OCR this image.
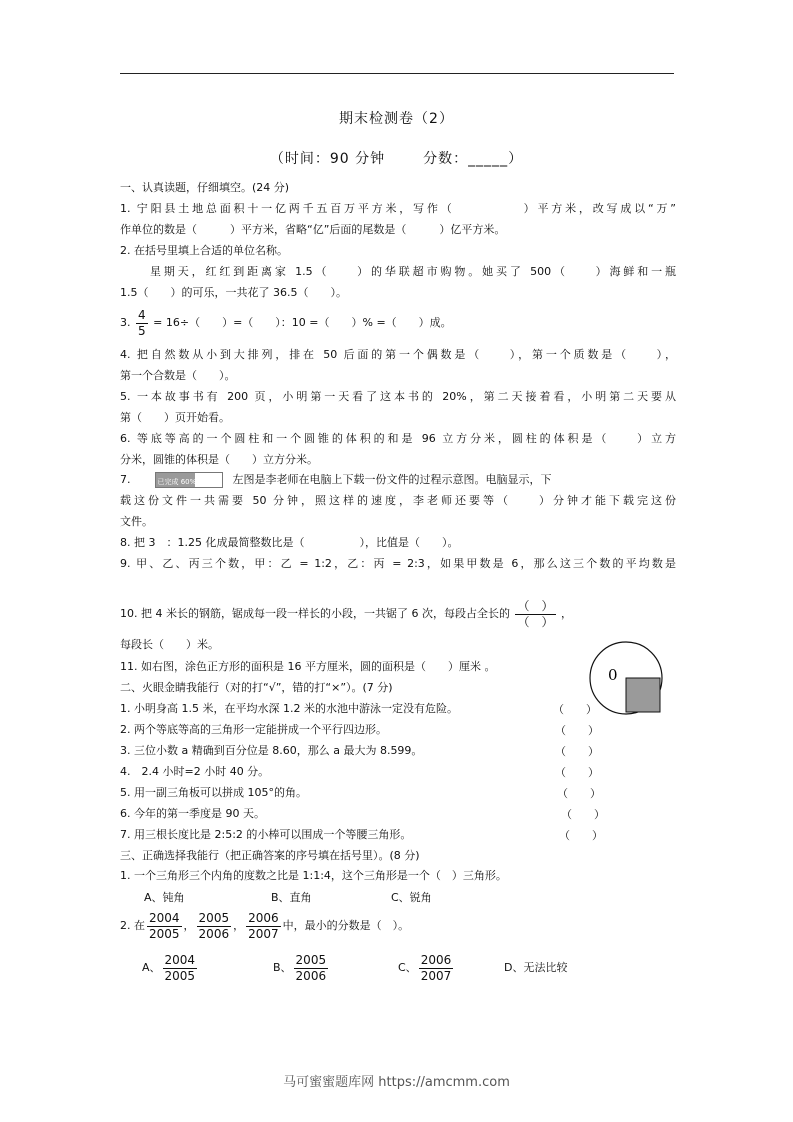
期末检测卷（2）
（时间：90 分钟	分数：_____）
一、认真读题，仔细填空。(24 分)
1. 宁阳县土地总面积十一亿两千五百万平方米，写作（　　　　　）平方米，改写成以“万”
作单位的数是（　　　）平方米，省略“亿”后面的尾数是（　　　）亿平方米。
2. 在括号里填上合适的单位名称。
星期天，红红到距离家 1.5（　　）的华联超市购物。她买了 500（　　）海鲜和一瓶
1.5（　　）的可乐，一共花了 36.5（　　）。
3. $\frac{4}{5} = 16\div$（　　）=（　　）：10 =（　　）% =（　　）成。
4. 把自然数从小到大排列，排在 50 后面的第一个偶数是（　　），第一个质数是（　　），
第一个合数是（　　）。
5. 一本故事书有 200 页，小明第一天看了这本书的 20%，第二天接着看，小明第二天要从
第（　　）页开始看。
6. 等底等高的一个圆柱和一个圆锥的体积的和是 96 立方分米，圆柱的体积是（　　）立方
分米，圆锥的体积是（　　）立方分米。
7.	已完成 60%	左图是李老师在电脑上下载一份文件的过程示意图。电脑显示，下
载这份文件一共需要 50 分钟，照这样的速度，李老师还要等（　　）分钟才能下载完这份
文件。
8. 把 3　：1.25 化成最简整数比是（　　　　　），比值是（　　）。
9. 甲、乙、丙三个数，甲：乙 = 1:2，乙：丙 = 2:3，如果甲数是 6，那么这三个数的平均数是
10. 把 4 米长的钢筋，锯成每一段一样长的小段，一共锯了 6 次，每段占全长的 $\frac{( )}{( )}$ ，
每段长（　　）米。
11. 如右图，涂色正方形的面积是 16 平方厘米，圆的面积是（　　）厘米 。	0
二、火眼金睛我能行（对的打“√”，错的打“×”）。(7 分)
1. 小明身高 1.5 米，在平均水深 1.2 米的水池中游泳一定没有危险。	（　　）
2. 两个等底等高的三角形一定能拼成一个平行四边形。	（　　）
3. 三位小数 a 精确到百分位是 8.60，那么 a 最大为 8.599。	（　　）
4.　2.4 小时=2 小时 40 分。	（　　）
5. 用一副三角板可以拼成 105°的角。	（　　）
6. 今年的第一季度是 90 天。	（　　）
7. 用三根长度比是 2:5:2 的小棒可以围成一个等腰三角形。	（　　）
三、正确选择我能行（把正确答案的序号填在括号里）。(8 分)
1. 一个三角形三个内角的度数之比是 1:1:4，这个三角形是一个（　）三角形。
A、钝角	B、直角	C、锐角
2. 在 $\frac{2004}{2005}$ ， $\frac{2005}{2006}$ ， $\frac{2006}{2007}$ 中，最小的分数是（　）。
A、 $\frac{2004}{2005}$	B、 $\frac{2005}{2006}$	C、 $\frac{2006}{2007}$	D、无法比较
马可蜜蜜题库网 https://amcmm.com
